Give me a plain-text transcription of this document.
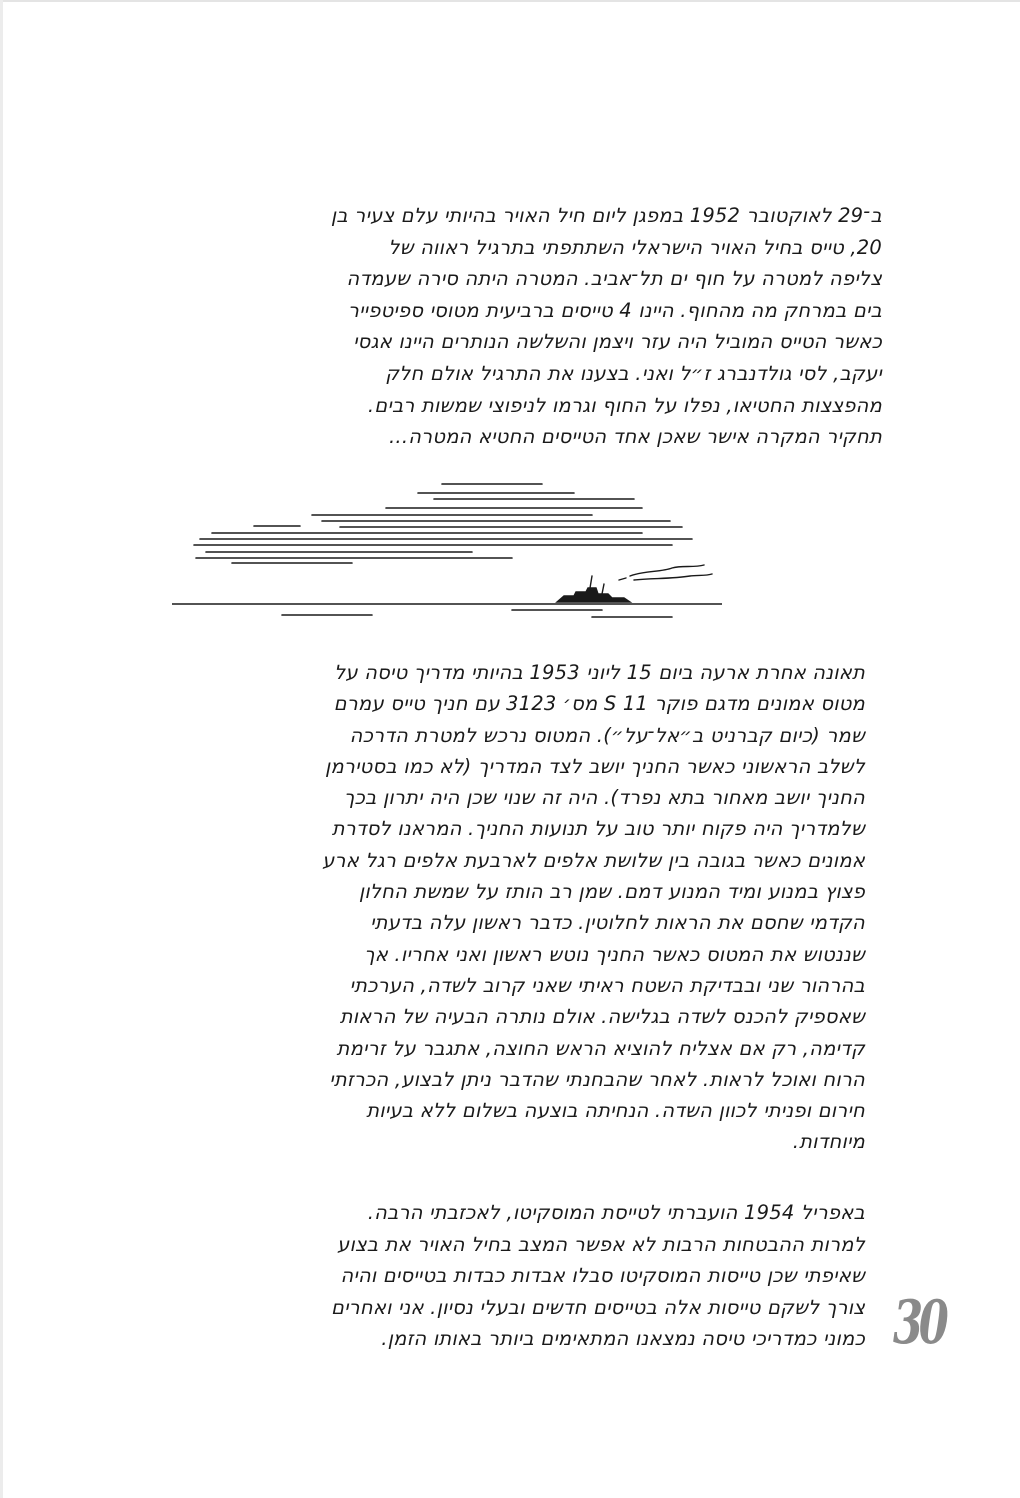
ב־29 לאוקטובר 1952 במפגן ליום חיל האויר בהיותי עלם צעיר בן
20, טייס בחיל האויר הישראלי השתתפתי בתרגיל ראווה של
צליפה למטרה על חוף ים תל־אביב. המטרה היתה סירה שעמדה
בים במרחק מה מהחוף. היינו 4 טייסים ברביעית מטוסי ספיטפייר
כאשר הטייס המוביל היה עזר ויצמן והשלשה הנותרים היינו אגסי
יעקב, לסי גולדנברג ז״ל ואני. בצענו את התרגיל אולם חלק
מהפצצות החטיאו, נפלו על החוף וגרמו לניפוצי שמשות רבים.
תחקיר המקרה אישר שאכן אחד הטייסים החטיא המטרה...
תאונה אחרת ארעה ביום 15 ליוני 1953 בהיותי מדריך טיסה על
מטוס אמונים מדגם פוקר S 11 מס׳ 3123 עם חניך טייס עמרם
שמר (כיום קברניט ב״אל־על״). המטוס נרכש למטרת הדרכה
לשלב הראשוני כאשר החניך יושב לצד המדריך (לא כמו בסטירמן
החניך יושב מאחור בתא נפרד). היה זה שנוי שכן היה יתרון בכך
שלמדריך היה פקוח יותר טוב על תנועות החניך. המראנו לסדרת
אמונים כאשר בגובה בין שלושת אלפים לארבעת אלפים רגל ארע
פצוץ במנוע ומיד המנוע דמם. שמן רב הותז על שמשת החלון
הקדמי שחסם את הראות לחלוטין. כדבר ראשון עלה בדעתי
שננטוש את המטוס כאשר החניך נוטש ראשון ואני אחריו. אך
בהרהור שני ובבדיקת השטח ראיתי שאני קרוב לשדה, הערכתי
שאספיק להכנס לשדה בגלישה. אולם נותרה הבעיה של הראות
קדימה, רק אם אצליח להוציא הראש החוצה, אתגבר על זרימת
הרוח ואוכל לראות. לאחר שהבחנתי שהדבר ניתן לבצוע, הכרזתי
חירום ופניתי לכוון השדה. הנחיתה בוצעה בשלום ללא בעיות
מיוחדות.
באפריל 1954 הועברתי לטייסת המוסקיטו, לאכזבתי הרבה.
למרות ההבטחות הרבות לא אפשר המצב בחיל האויר את בצוע
שאיפתי שכן טייסות המוסקיטו סבלו אבדות כבדות בטייסים והיה
צורך לשקם טייסות אלה בטייסים חדשים ובעלי נסיון. אני ואחרים
כמוני כמדריכי טיסה נמצאנו המתאימים ביותר באותו הזמן. 30
